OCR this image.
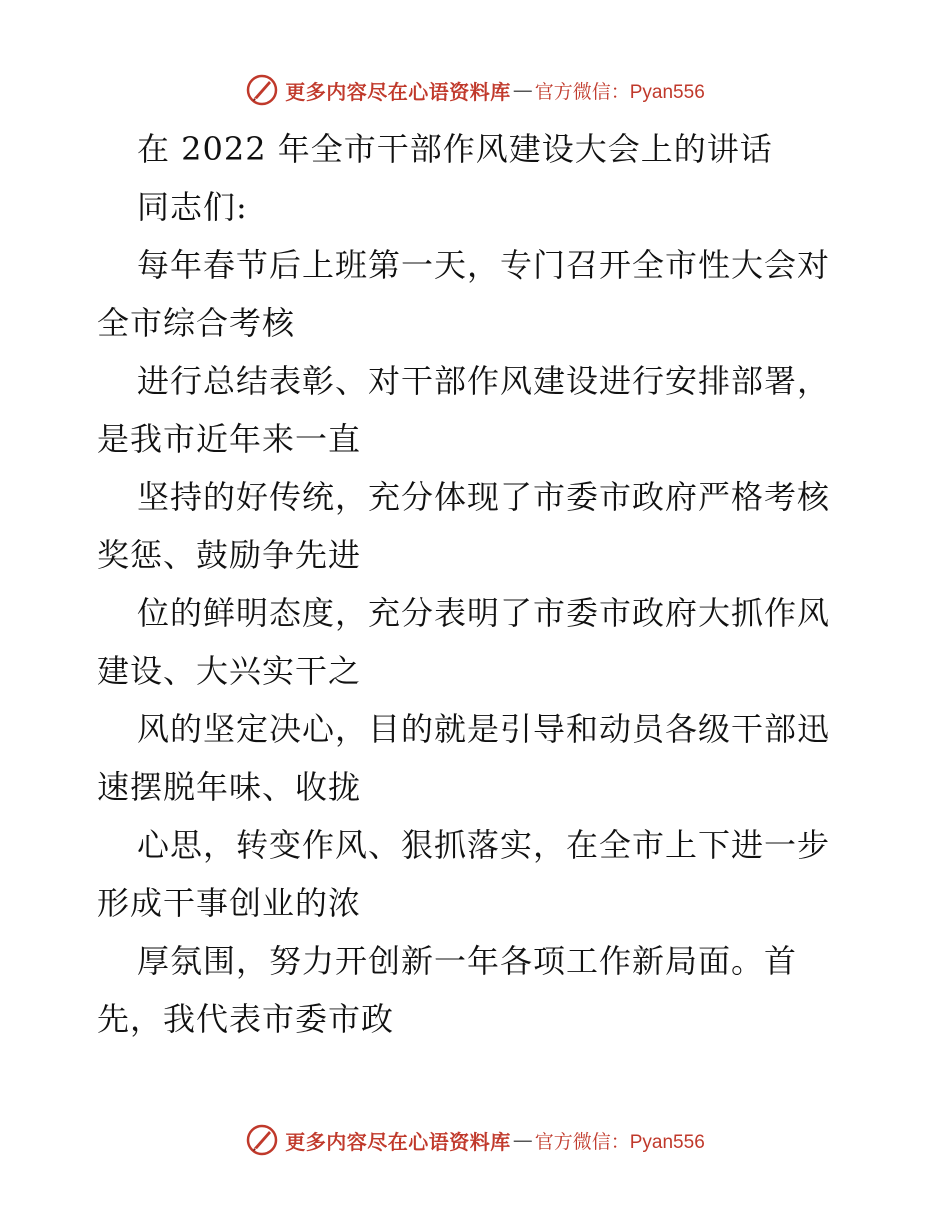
更多内容尽在心语资料库 — 官方微信：Pyan556
在 2022 年全市干部作风建设大会上的讲话
同志们:
每年春节后上班第一天，专门召开全市性大会对
全市综合考核
进行总结表彰、对干部作风建设进行安排部署，
是我市近年来一直
坚持的好传统，充分体现了市委市政府严格考核
奖惩、鼓励争先进
位的鲜明态度，充分表明了市委市政府大抓作风
建设、大兴实干之
风的坚定决心，目的就是引导和动员各级干部迅
速摆脱年味、收拢
心思，转变作风、狠抓落实，在全市上下进一步
形成干事创业的浓
厚氛围，努力开创新一年各项工作新局面。首
先，我代表市委市政
更多内容尽在心语资料库 — 官方微信：Pyan556
